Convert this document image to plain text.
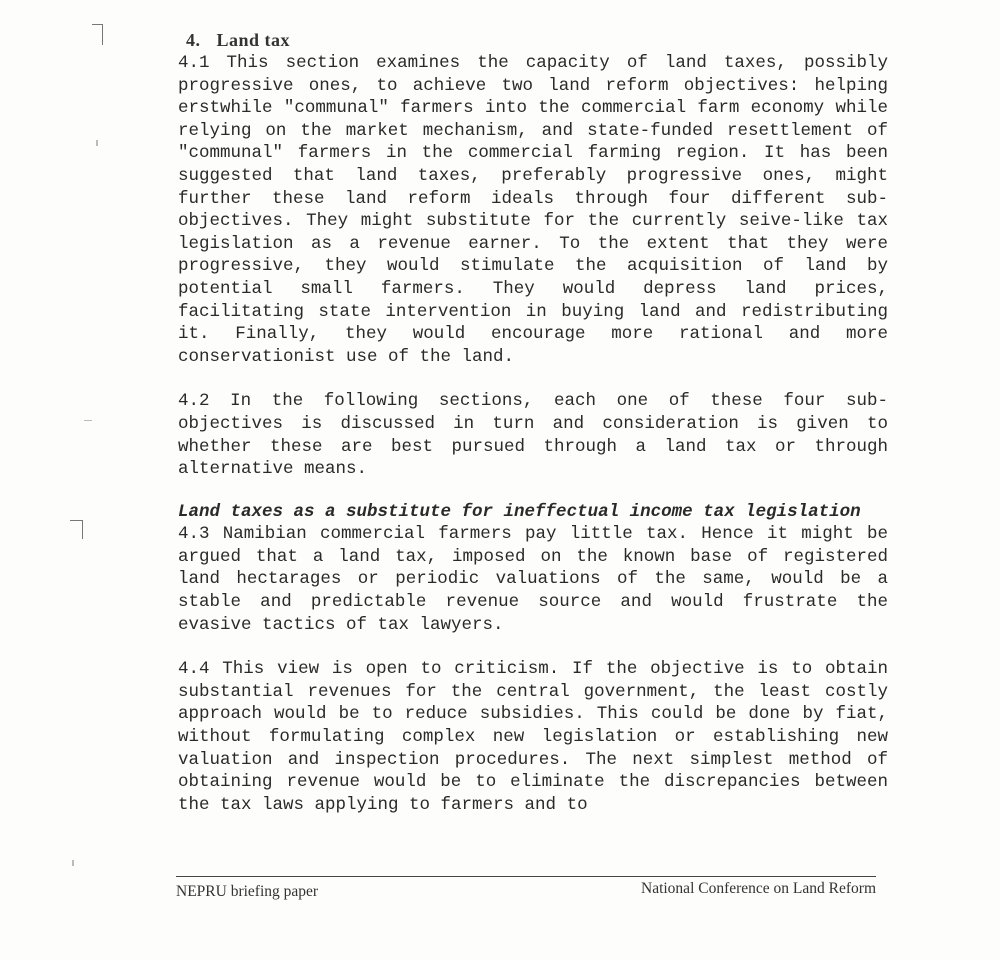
4. Land tax

4.1 This section examines the capacity of land taxes, possibly progressive ones, to achieve two land reform objectives: helping erstwhile "communal" farmers into the commercial farm economy while relying on the market mechanism, and state-funded resettlement of "communal" farmers in the commercial farming region. It has been suggested that land taxes, preferably progressive ones, might further these land reform ideals through four different sub-objectives. They might substitute for the currently seive-like tax legislation as a revenue earner. To the extent that they were progressive, they would stimulate the acquisition of land by potential small farmers. They would depress land prices, facilitating state intervention in buying land and redistributing it. Finally, they would encourage more rational and more conservationist use of the land.

4.2 In the following sections, each one of these four sub-objectives is discussed in turn and consideration is given to whether these are best pursued through a land tax or through alternative means.

Land taxes as a substitute for ineffectual income tax legislation

4.3 Namibian commercial farmers pay little tax. Hence it might be argued that a land tax, imposed on the known base of registered land hectarages or periodic valuations of the same, would be a stable and predictable revenue source and would frustrate the evasive tactics of tax lawyers.

4.4 This view is open to criticism. If the objective is to obtain substantial revenues for the central government, the least costly approach would be to reduce subsidies. This could be done by fiat, without formulating complex new legislation or establishing new valuation and inspection procedures. The next simplest method of obtaining revenue would be to eliminate the discrepancies between the tax laws applying to farmers and to

NEPRU briefing paper	National Conference on Land Reform
